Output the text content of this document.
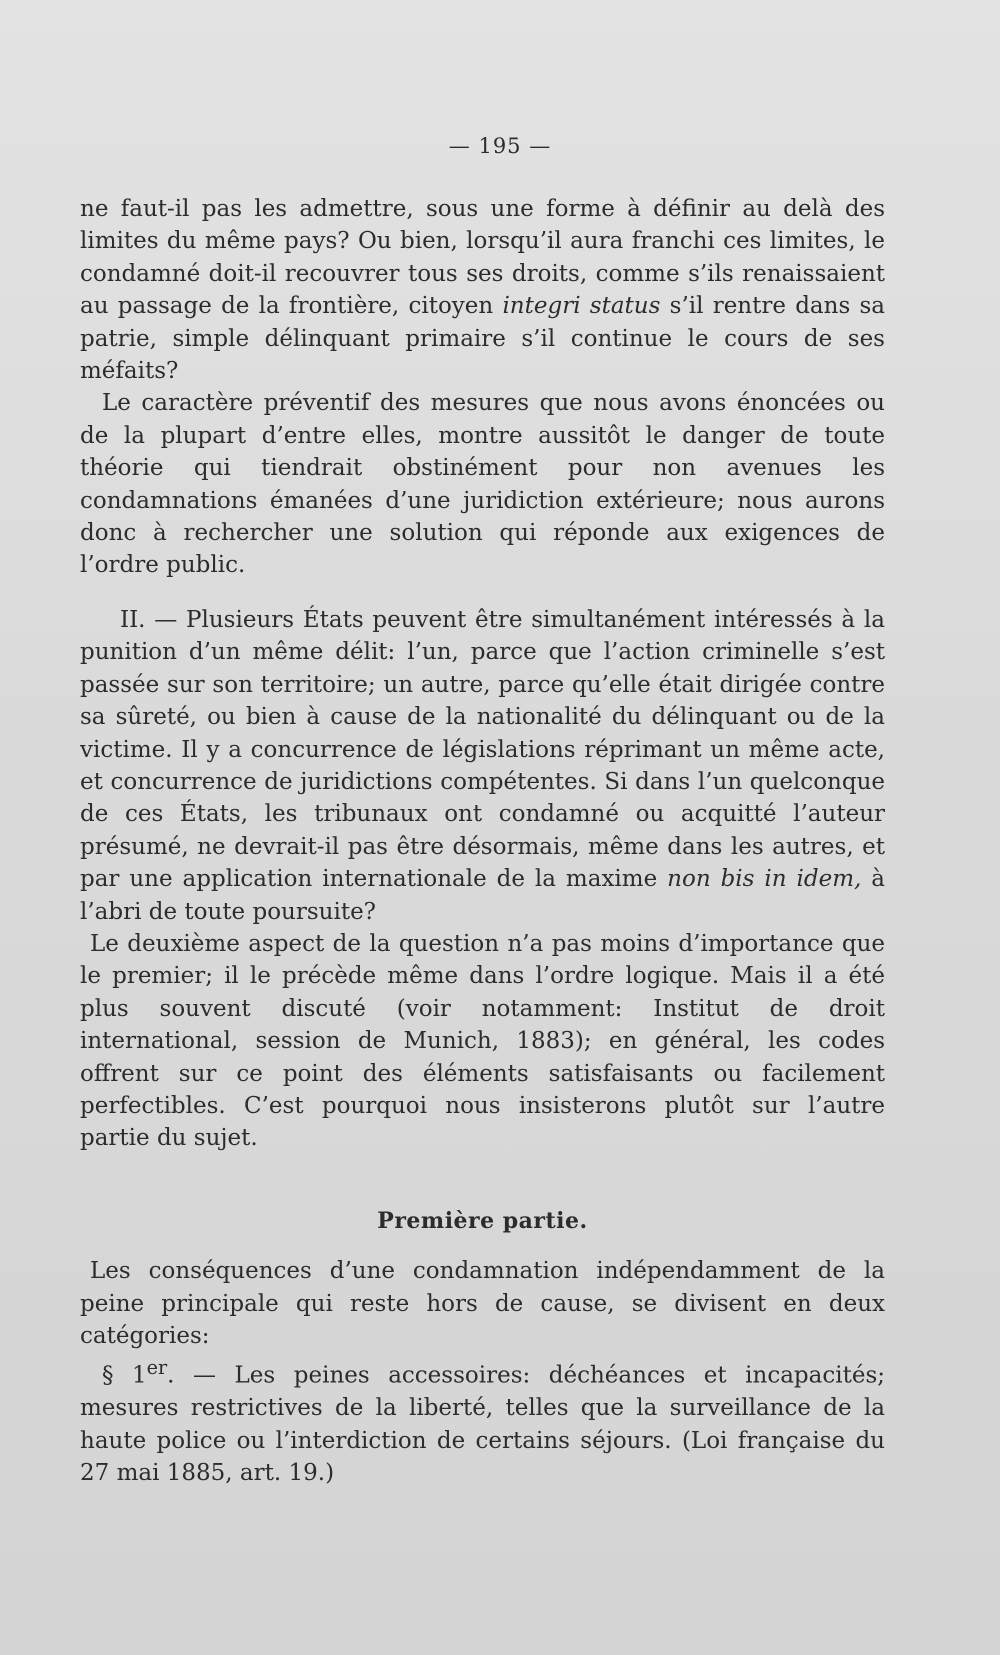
— 195 —

ne faut-il pas les admettre, sous une forme à définir au delà des limites du même pays? Ou bien, lorsqu’il aura franchi ces limites, le condamné doit-il recouvrer tous ses droits, comme s’ils renaissaient au passage de la frontière, citoyen integri status s’il rentre dans sa patrie, simple délinquant primaire s’il continue le cours de ses méfaits?

Le caractère préventif des mesures que nous avons énoncées ou de la plupart d’entre elles, montre aussitôt le danger de toute théorie qui tiendrait obstinément pour non avenues les condamnations émanées d’une juridiction extérieure; nous aurons donc à rechercher une solution qui réponde aux exigences de l’ordre public.

II. — Plusieurs États peuvent être simultanément intéressés à la punition d’un même délit: l’un, parce que l’action criminelle s’est passée sur son territoire; un autre, parce qu’elle était dirigée contre sa sûreté, ou bien à cause de la nationalité du délinquant ou de la victime. Il y a concurrence de législations réprimant un même acte, et concurrence de juridictions compétentes. Si dans l’un quelconque de ces États, les tribunaux ont condamné ou acquitté l’auteur présumé, ne devrait-il pas être désormais, même dans les autres, et par une application internationale de la maxime non bis in idem, à l’abri de toute poursuite?

Le deuxième aspect de la question n’a pas moins d’importance que le premier; il le précède même dans l’ordre logique. Mais il a été plus souvent discuté (voir notamment: Institut de droit international, session de Munich, 1883); en général, les codes offrent sur ce point des éléments satisfaisants ou facilement perfectibles. C’est pourquoi nous insisterons plutôt sur l’autre partie du sujet.

Première partie.

Les conséquences d’une condamnation indépendamment de la peine principale qui reste hors de cause, se divisent en deux catégories:

§ 1er. — Les peines accessoires: déchéances et incapacités; mesures restrictives de la liberté, telles que la surveillance de la haute police ou l’interdiction de certains séjours. (Loi française du 27 mai 1885, art. 19.)
